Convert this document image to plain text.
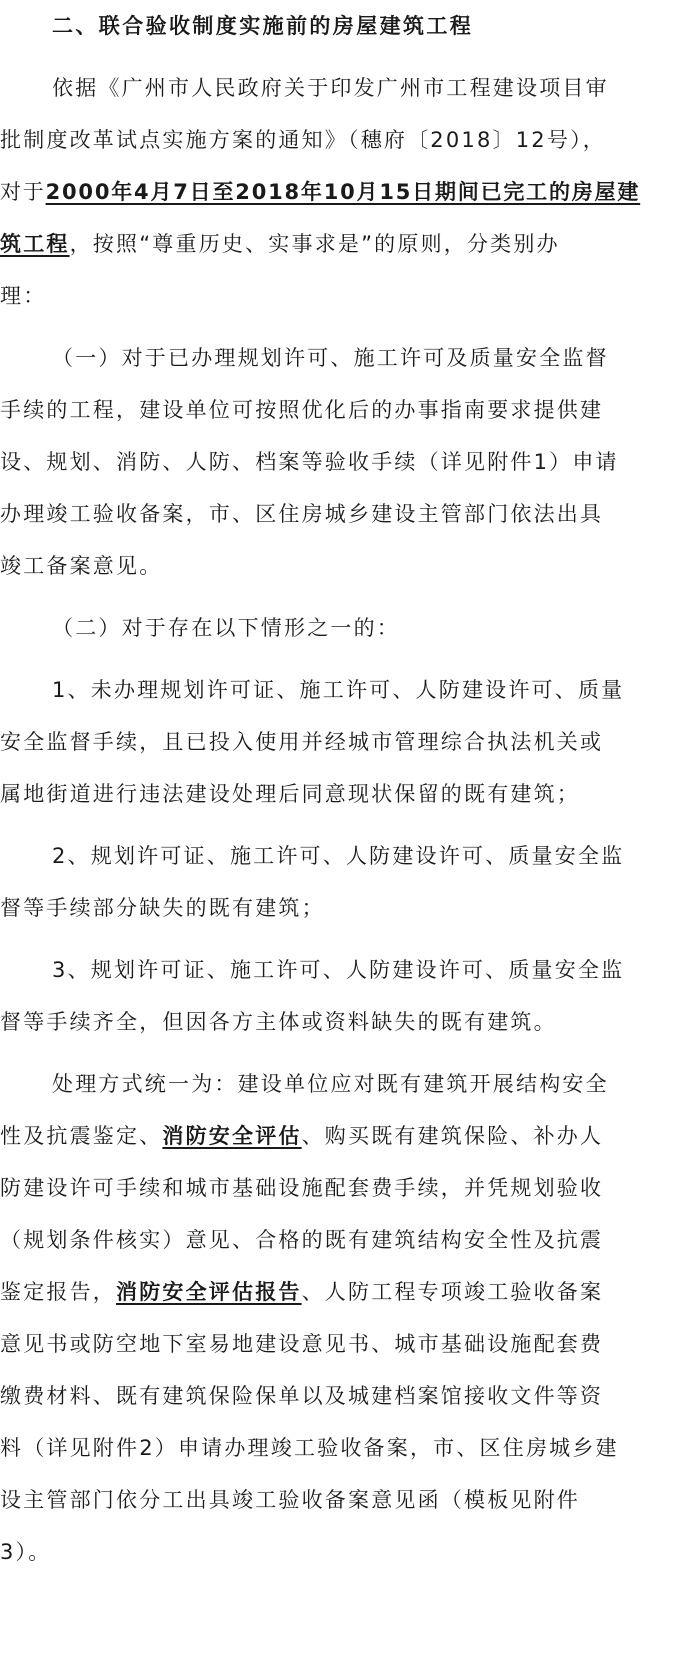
二、联合验收制度实施前的房屋建筑工程
依据《广州市人民政府关于印发广州市工程建设项目审
批制度改革试点实施方案的通知》（穗府〔2018〕12号），
对于2000年4月7日至2018年10月15日期间已完工的房屋建
筑工程，按照“尊重历史、实事求是”的原则，分类别办
理：
（一）对于已办理规划许可、施工许可及质量安全监督
手续的工程，建设单位可按照优化后的办事指南要求提供建
设、规划、消防、人防、档案等验收手续（详见附件1）申请
办理竣工验收备案，市、区住房城乡建设主管部门依法出具
竣工备案意见。
（二）对于存在以下情形之一的：
1、未办理规划许可证、施工许可、人防建设许可、质量
安全监督手续，且已投入使用并经城市管理综合执法机关或
属地街道进行违法建设处理后同意现状保留的既有建筑；
2、规划许可证、施工许可、人防建设许可、质量安全监
督等手续部分缺失的既有建筑；
3、规划许可证、施工许可、人防建设许可、质量安全监
督等手续齐全，但因各方主体或资料缺失的既有建筑。
处理方式统一为：建设单位应对既有建筑开展结构安全
性及抗震鉴定、消防安全评估、购买既有建筑保险、补办人
防建设许可手续和城市基础设施配套费手续，并凭规划验收
（规划条件核实）意见、合格的既有建筑结构安全性及抗震
鉴定报告，消防安全评估报告、人防工程专项竣工验收备案
意见书或防空地下室易地建设意见书、城市基础设施配套费
缴费材料、既有建筑保险保单以及城建档案馆接收文件等资
料（详见附件2）申请办理竣工验收备案，市、区住房城乡建
设主管部门依分工出具竣工验收备案意见函（模板见附件
3）。
